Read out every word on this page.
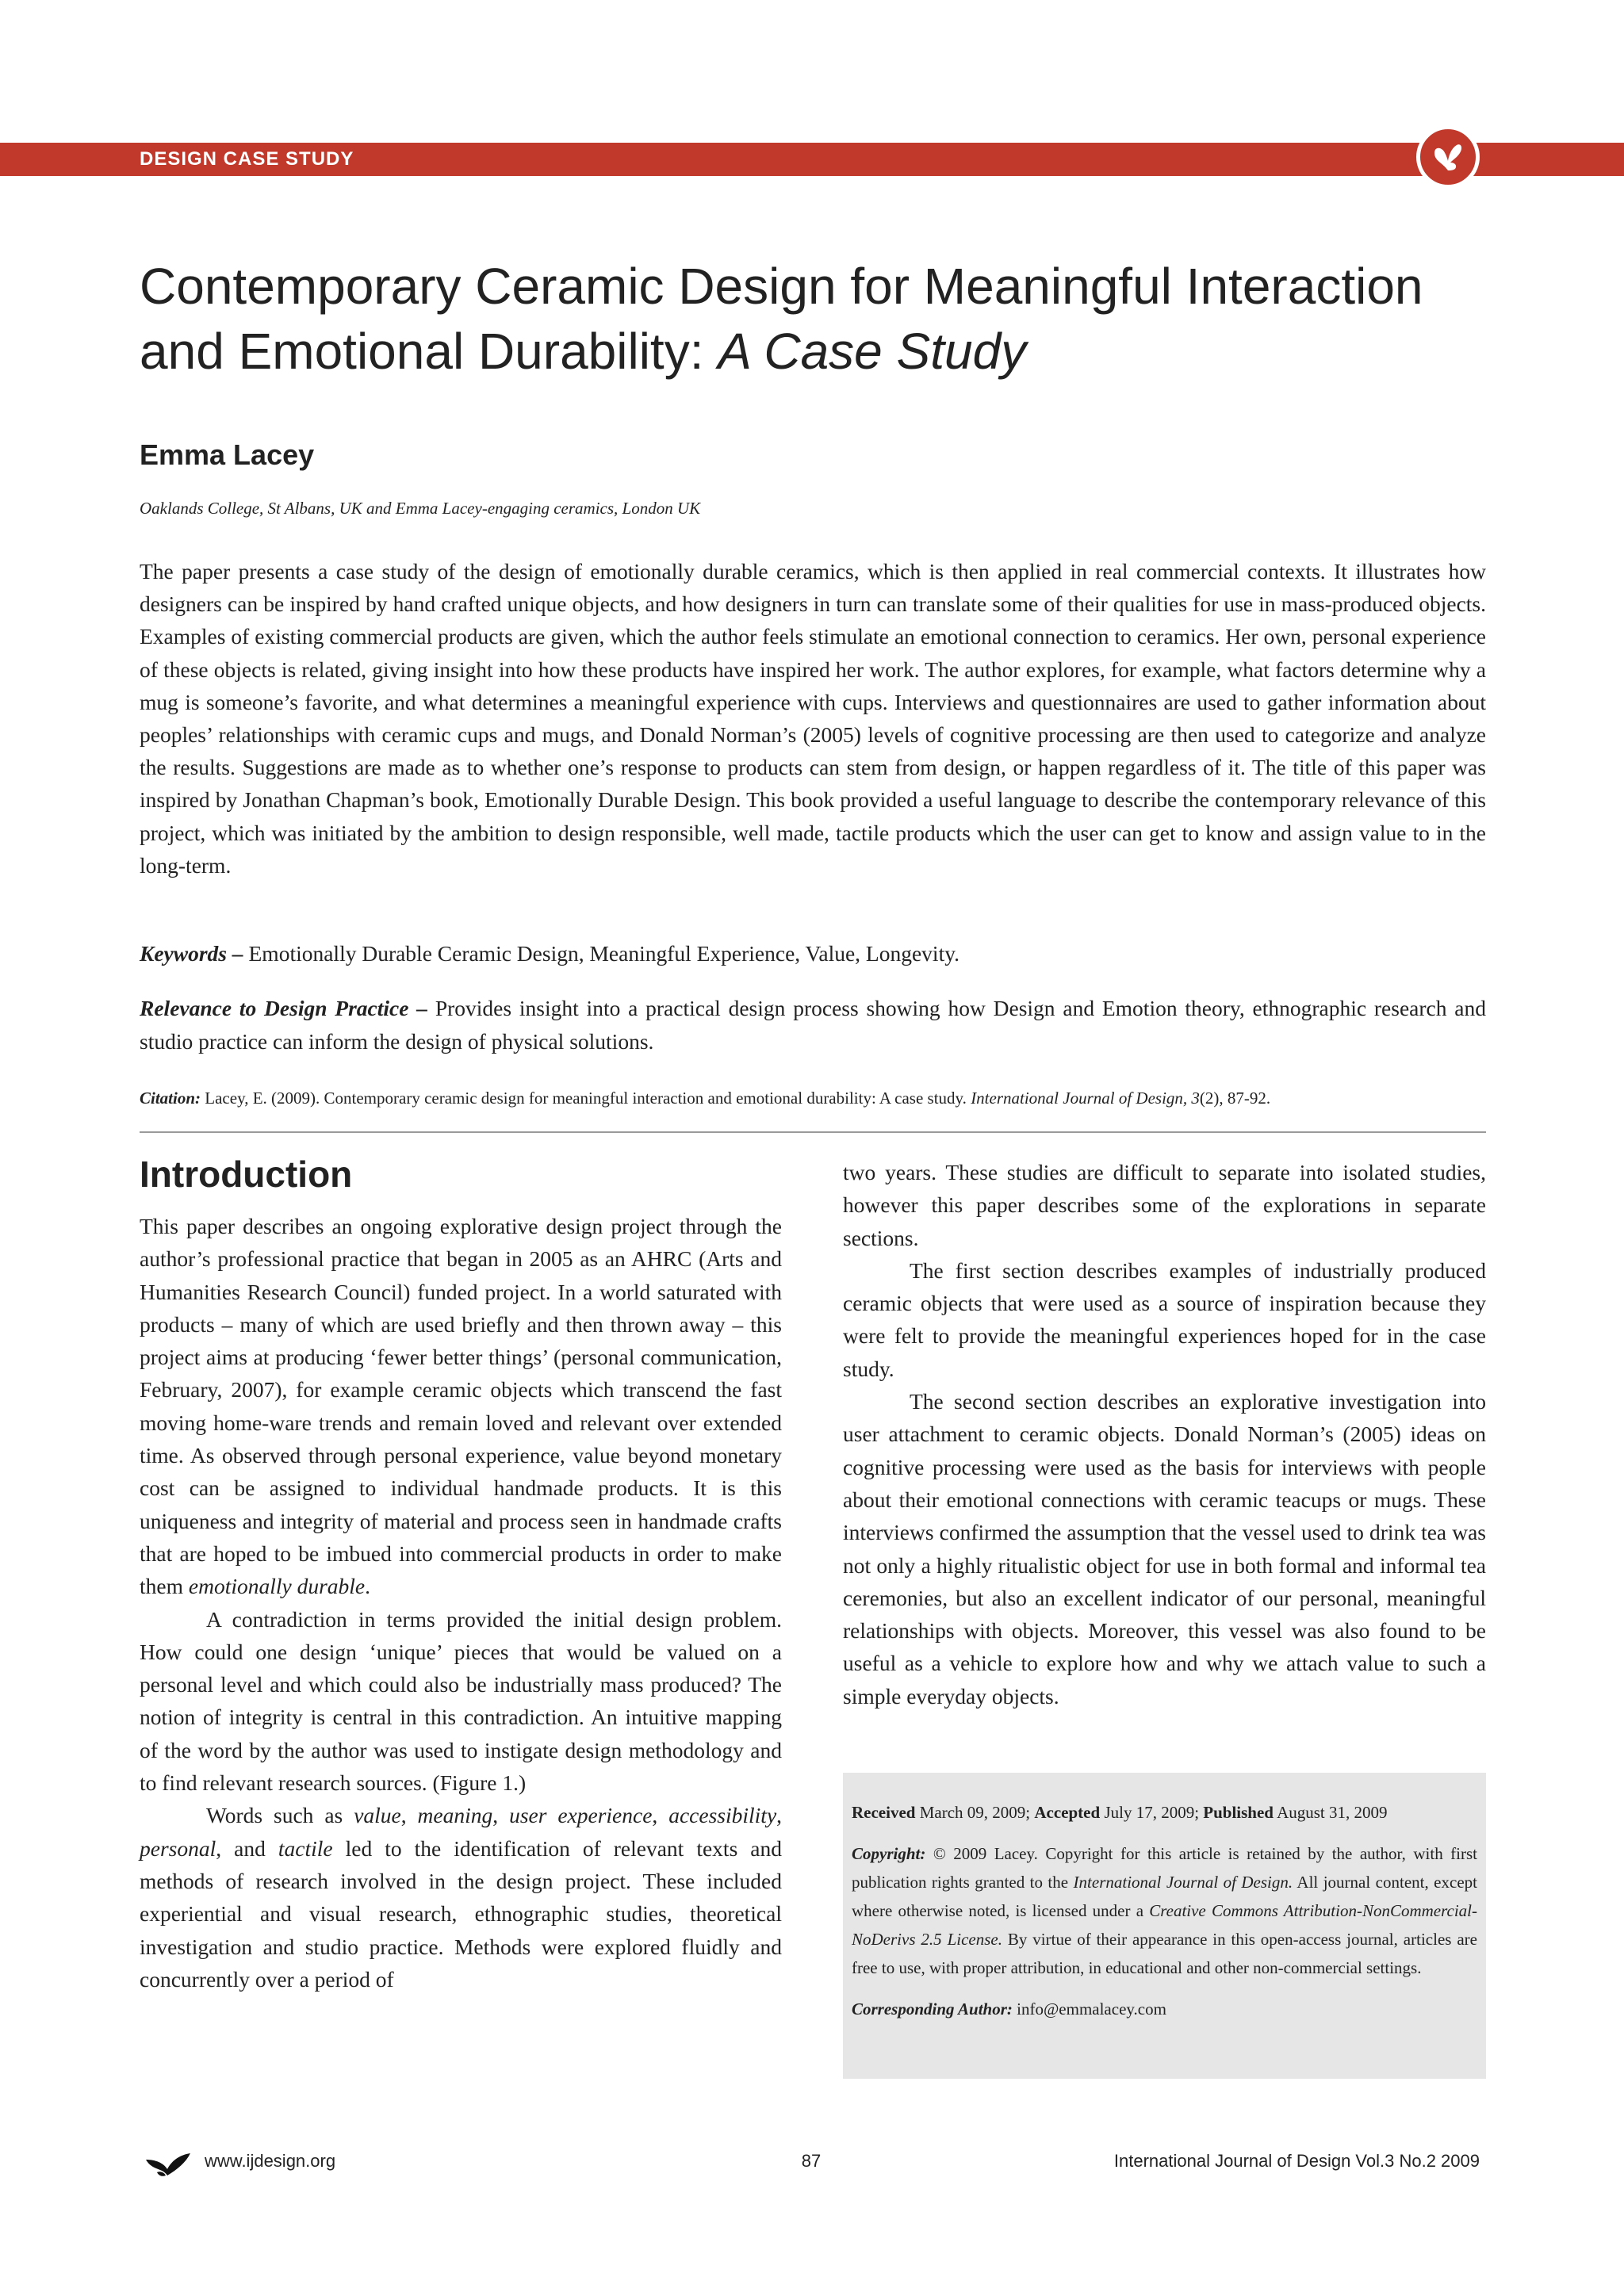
DESIGN CASE STUDY
Contemporary Ceramic Design for Meaningful Interaction and Emotional Durability: A Case Study
Emma Lacey

Oaklands College, St Albans, UK and Emma Lacey-engaging ceramics, London UK

The paper presents a case study of the design of emotionally durable ceramics, which is then applied in real commercial contexts. It illustrates how designers can be inspired by hand crafted unique objects, and how designers in turn can translate some of their qualities for use in mass-produced objects. Examples of existing commercial products are given, which the author feels stimulate an emotional connection to ceramics. Her own, personal experience of these objects is related, giving insight into how these products have inspired her work. The author explores, for example, what factors determine why a mug is someone’s favorite, and what determines a meaningful experience with cups. Interviews and questionnaires are used to gather information about peoples’ relationships with ceramic cups and mugs, and Donald Norman’s (2005) levels of cognitive processing are then used to categorize and analyze the results. Suggestions are made as to whether one’s response to products can stem from design, or happen regardless of it. The title of this paper was inspired by Jonathan Chapman’s book, Emotionally Durable Design. This book provided a useful language to describe the contemporary relevance of this project, which was initiated by the ambition to design responsible, well made, tactile products which the user can get to know and assign value to in the long-term.

Keywords – Emotionally Durable Ceramic Design, Meaningful Experience, Value, Longevity.

Relevance to Design Practice – Provides insight into a practical design process showing how Design and Emotion theory, ethnographic research and studio practice can inform the design of physical solutions.

Citation: Lacey, E. (2009). Contemporary ceramic design for meaningful interaction and emotional durability: A case study. International Journal of Design, 3(2), 87-92.

Introduction

This paper describes an ongoing explorative design project through the author’s professional practice that began in 2005 as an AHRC (Arts and Humanities Research Council) funded project. In a world saturated with products – many of which are used briefly and then thrown away – this project aims at producing ‘fewer better things’ (personal communication, February, 2007), for example ceramic objects which transcend the fast moving home-ware trends and remain loved and relevant over extended time. As observed through personal experience, value beyond monetary cost can be assigned to individual handmade products. It is this uniqueness and integrity of material and process seen in handmade crafts that are hoped to be imbued into commercial products in order to make them emotionally durable.

A contradiction in terms provided the initial design problem. How could one design ‘unique’ pieces that would be valued on a personal level and which could also be industrially mass produced? The notion of integrity is central in this contradiction. An intuitive mapping of the word by the author was used to instigate design methodology and to find relevant research sources. (Figure 1.)

Words such as value, meaning, user experience, accessibility, personal, and tactile led to the identification of relevant texts and methods of research involved in the design project. These included experiential and visual research, ethnographic studies, theoretical investigation and studio practice. Methods were explored fluidly and concurrently over a period of

two years. These studies are difficult to separate into isolated studies, however this paper describes some of the explorations in separate sections.

The first section describes examples of industrially produced ceramic objects that were used as a source of inspiration because they were felt to provide the meaningful experiences hoped for in the case study.

The second section describes an explorative investigation into user attachment to ceramic objects. Donald Norman’s (2005) ideas on cognitive processing were used as the basis for interviews with people about their emotional connections with ceramic teacups or mugs. These interviews confirmed the assumption that the vessel used to drink tea was not only a highly ritualistic object for use in both formal and informal tea ceremonies, but also an excellent indicator of our personal, meaningful relationships with objects. Moreover, this vessel was also found to be useful as a vehicle to explore how and why we attach value to such a simple everyday objects.

Received March 09, 2009; Accepted July 17, 2009; Published August 31, 2009

Copyright: © 2009 Lacey. Copyright for this article is retained by the author, with first publication rights granted to the International Journal of Design. All journal content, except where otherwise noted, is licensed under a Creative Commons Attribution-NonCommercial-NoDerivs 2.5 License. By virtue of their appearance in this open-access journal, articles are free to use, with proper attribution, in educational and other non-commercial settings.

Corresponding Author: info@emmalacey.com

www.ijdesign.org	87	International Journal of Design Vol.3 No.2 2009
